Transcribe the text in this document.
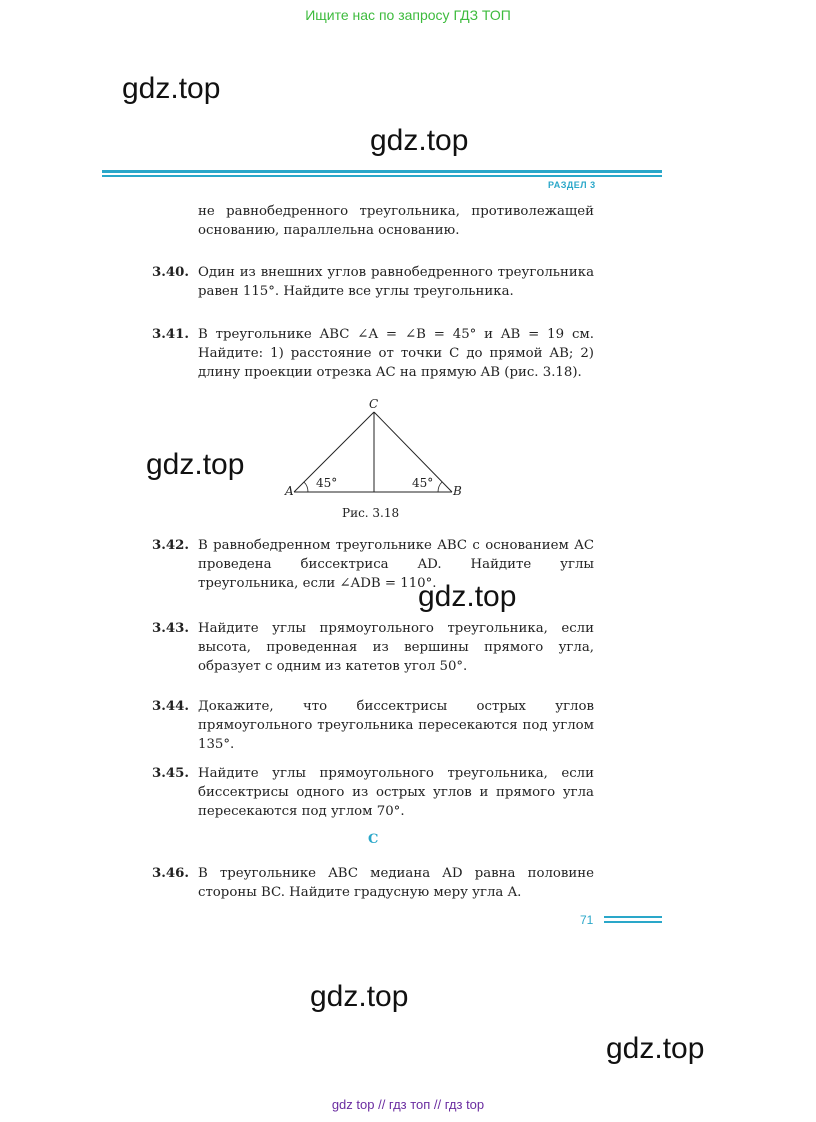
Ищите нас по запросу ГДЗ ТОП
gdz.top
gdz.top
РАЗДЕЛ 3
не равнобедренного треугольника, противолежащей основанию, параллельна основанию.
3.40. Один из внешних углов равнобедренного треугольника равен 115°. Найдите все углы треугольника.
3.41. В треугольнике ABC ∠A = ∠B = 45° и AB = 19 см. Найдите: 1) расстояние от точки C до прямой AB; 2) длину проекции отрезка AC на прямую AB (рис. 3.18).
C
A	B
45°	45°
gdz.top
Рис. 3.18
3.42. В равнобедренном треугольнике ABC с основанием AC проведена биссектриса AD. Найдите углы треугольника, если ∠ADB = 110°.
gdz.top
3.43. Найдите углы прямоугольного треугольника, если высота, проведенная из вершины прямого угла, образует с одним из катетов угол 50°.
3.44. Докажите, что биссектрисы острых углов прямоугольного треугольника пересекаются под углом 135°.
3.45. Найдите углы прямоугольного треугольника, если биссектрисы одного из острых углов и прямого угла пересекаются под углом 70°.
C
3.46. В треугольнике ABC медиана AD равна половине стороны BC. Найдите градусную меру угла A.
71
gdz.top
gdz.top
gdz top // гдз топ // гдз top
